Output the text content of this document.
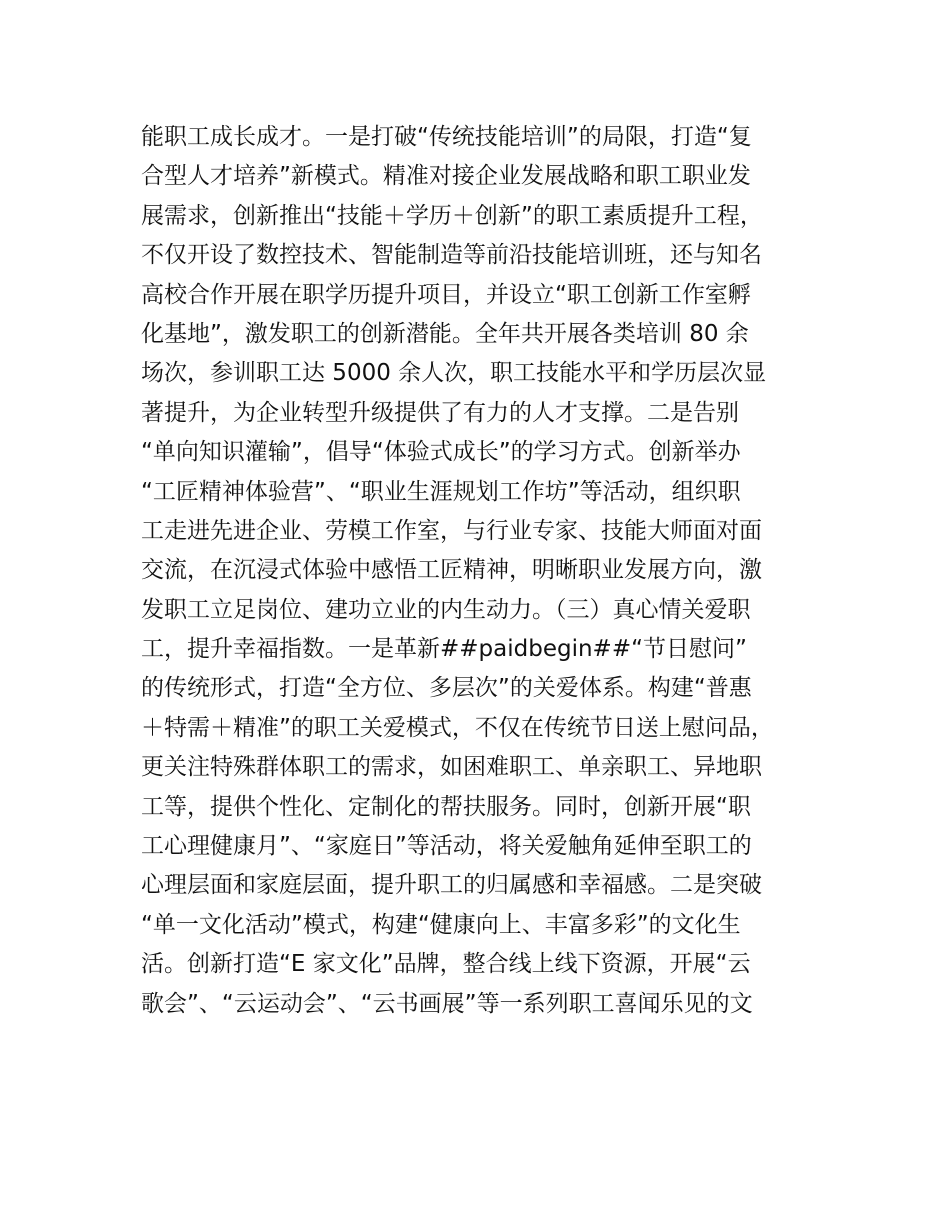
能职工成长成才。一是打破“传统技能培训”的局限，打造“复
合型人才培养”新模式。精准对接企业发展战略和职工职业发
展需求，创新推出“技能＋学历＋创新”的职工素质提升工程，
不仅开设了数控技术、智能制造等前沿技能培训班，还与知名
高校合作开展在职学历提升项目，并设立“职工创新工作室孵
化基地”，激发职工的创新潜能。全年共开展各类培训 80 余
场次，参训职工达 5000 余人次，职工技能水平和学历层次显
著提升，为企业转型升级提供了有力的人才支撑。二是告别
“单向知识灌输”，倡导“体验式成长”的学习方式。创新举办
“工匠精神体验营”、“职业生涯规划工作坊”等活动，组织职
工走进先进企业、劳模工作室，与行业专家、技能大师面对面
交流，在沉浸式体验中感悟工匠精神，明晰职业发展方向，激
发职工立足岗位、建功立业的内生动力。（三）真心情关爱职
工，提升幸福指数。一是革新##paidbegin##“节日慰问”
的传统形式，打造“全方位、多层次”的关爱体系。构建“普惠
＋特需＋精准”的职工关爱模式，不仅在传统节日送上慰问品，
更关注特殊群体职工的需求，如困难职工、单亲职工、异地职
工等，提供个性化、定制化的帮扶服务。同时，创新开展“职
工心理健康月”、“家庭日”等活动，将关爱触角延伸至职工的
心理层面和家庭层面，提升职工的归属感和幸福感。二是突破
“单一文化活动”模式，构建“健康向上、丰富多彩”的文化生
活。创新打造“E 家文化”品牌，整合线上线下资源，开展“云
歌会”、“云运动会”、“云书画展”等一系列职工喜闻乐见的文
